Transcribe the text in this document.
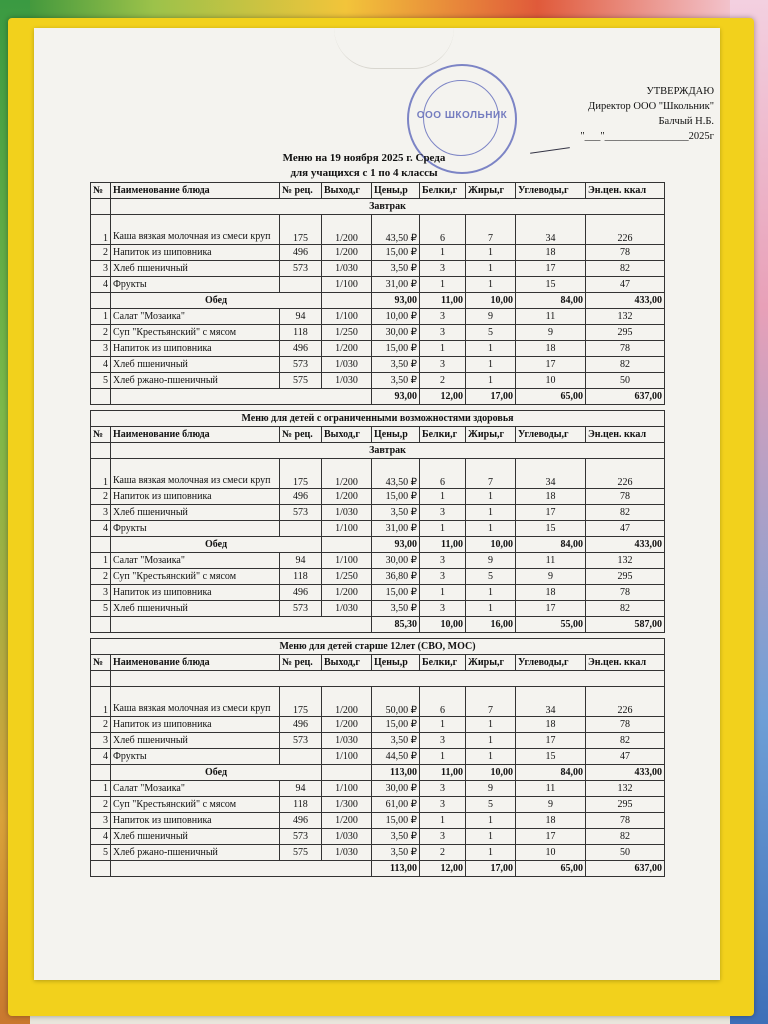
ООО ШКОЛЬНИК
УТВЕРЖДАЮ
Директор ООО "Школьник"
Балчый Н.Б.
"___"________________2025г
Меню на 19 ноября 2025 г. Среда
для учащихся с 1 по 4 классы
№	Наименование блюда	№ рец.	Выход,г	Цены,р	Белки,г	Жиры,г	Углеводы,г	Эн.цен. ккал
	Завтрак							
1	Каша вязкая молочная из смеси круп	175	1/200	43,50 ₽	6	7	34	226
2	Напиток из шиповника	496	1/200	15,00 ₽	1	1	18	78
3	Хлеб пшеничный	573	1/030	3,50 ₽	3	1	17	82
4	Фрукты		1/100	31,00 ₽	1	1	15	47
	Обед			93,00	11,00	10,00	84,00	433,00
1	Салат "Мозаика"	94	1/100	10,00 ₽	3	9	11	132
2	Суп "Крестьянский" с мясом	118	1/250	30,00 ₽	3	5	9	295
3	Напиток из шиповника	496	1/200	15,00 ₽	1	1	18	78
4	Хлеб пшеничный	573	1/030	3,50 ₽	3	1	17	82
5	Хлеб ржано-пшеничный	575	1/030	3,50 ₽	2	1	10	50
				93,00	12,00	17,00	65,00	637,00
Меню для детей с ограниченными возможностями здоровья								
№	Наименование блюда	№ рец.	Выход,г	Цены,р	Белки,г	Жиры,г	Углеводы,г	Эн.цен. ккал
	Завтрак							
1	Каша вязкая молочная из смеси круп	175	1/200	43,50 ₽	6	7	34	226
2	Напиток из шиповника	496	1/200	15,00 ₽	1	1	18	78
3	Хлеб пшеничный	573	1/030	3,50 ₽	3	1	17	82
4	Фрукты		1/100	31,00 ₽	1	1	15	47
	Обед			93,00	11,00	10,00	84,00	433,00
1	Салат "Мозаика"	94	1/100	30,00 ₽	3	9	11	132
2	Суп "Крестьянский" с мясом	118	1/250	36,80 ₽	3	5	9	295
3	Напиток из шиповника	496	1/200	15,00 ₽	1	1	18	78
5	Хлеб пшеничный	573	1/030	3,50 ₽	3	1	17	82
				85,30	10,00	16,00	55,00	587,00
Меню для детей старше 12лет (СВО, МОС)								
№	Наименование блюда	№ рец.	Выход,г	Цены,р	Белки,г	Жиры,г	Углеводы,г	Эн.цен. ккал

1	Каша вязкая молочная из смеси круп	175	1/200	50,00 ₽	6	7	34	226
2	Напиток из шиповника	496	1/200	15,00 ₽	1	1	18	78
3	Хлеб пшеничный	573	1/030	3,50 ₽	3	1	17	82
4	Фрукты		1/100	44,50 ₽	1	1	15	47
	Обед			113,00	11,00	10,00	84,00	433,00
1	Салат "Мозаика"	94	1/100	30,00 ₽	3	9	11	132
2	Суп "Крестьянский" с мясом	118	1/300	61,00 ₽	3	5	9	295
3	Напиток из шиповника	496	1/200	15,00 ₽	1	1	18	78
4	Хлеб пшеничный	573	1/030	3,50 ₽	3	1	17	82
5	Хлеб ржано-пшеничный	575	1/030	3,50 ₽	2	1	10	50
				113,00	12,00	17,00	65,00	637,00
